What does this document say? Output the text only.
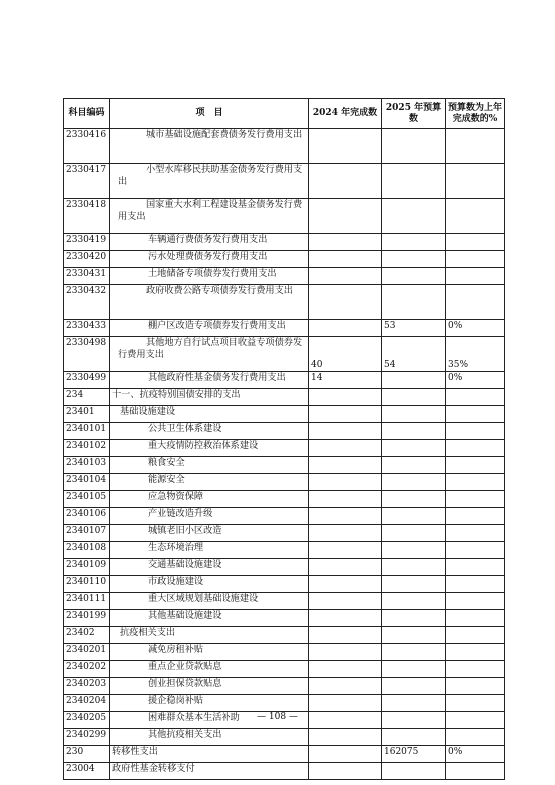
科目编码	项　目	2024 年完成数	2025 年预算数	预算数为上年完成数的%
2330416	城市基础设施配套费债务发行费用支出			
2330417	小型水库移民扶助基金债务发行费用支出			
2330418	国家重大水利工程建设基金债务发行费用支出			
2330419	车辆通行费债务发行费用支出			
2330420	污水处理费债务发行费用支出			
2330431	土地储备专项债券发行费用支出			
2330432	政府收费公路专项债券发行费用支出			
2330433	棚户区改造专项债券发行费用支出		53	0%
2330498	其他地方自行试点项目收益专项债券发行费用支出	40	54	35%
2330499	其他政府性基金债务发行费用支出	14		0%
234	十一、抗疫特别国债安排的支出			
23401	基础设施建设			
2340101	公共卫生体系建设			
2340102	重大疫情防控救治体系建设			
2340103	粮食安全			
2340104	能源安全			
2340105	应急物资保障			
2340106	产业链改造升级			
2340107	城镇老旧小区改造			
2340108	生态环境治理			
2340109	交通基础设施建设			
2340110	市政设施建设			
2340111	重大区域规划基础设施建设			
2340199	其他基础设施建设			
23402	抗疫相关支出			
2340201	减免房租补贴			
2340202	重点企业贷款贴息			
2340203	创业担保贷款贴息			
2340204	援企稳岗补贴			
2340205	困难群众基本生活补助			
2340299	其他抗疫相关支出			
230	转移性支出		162075	0%
23004	政府性基金转移支付			
— 108 —
